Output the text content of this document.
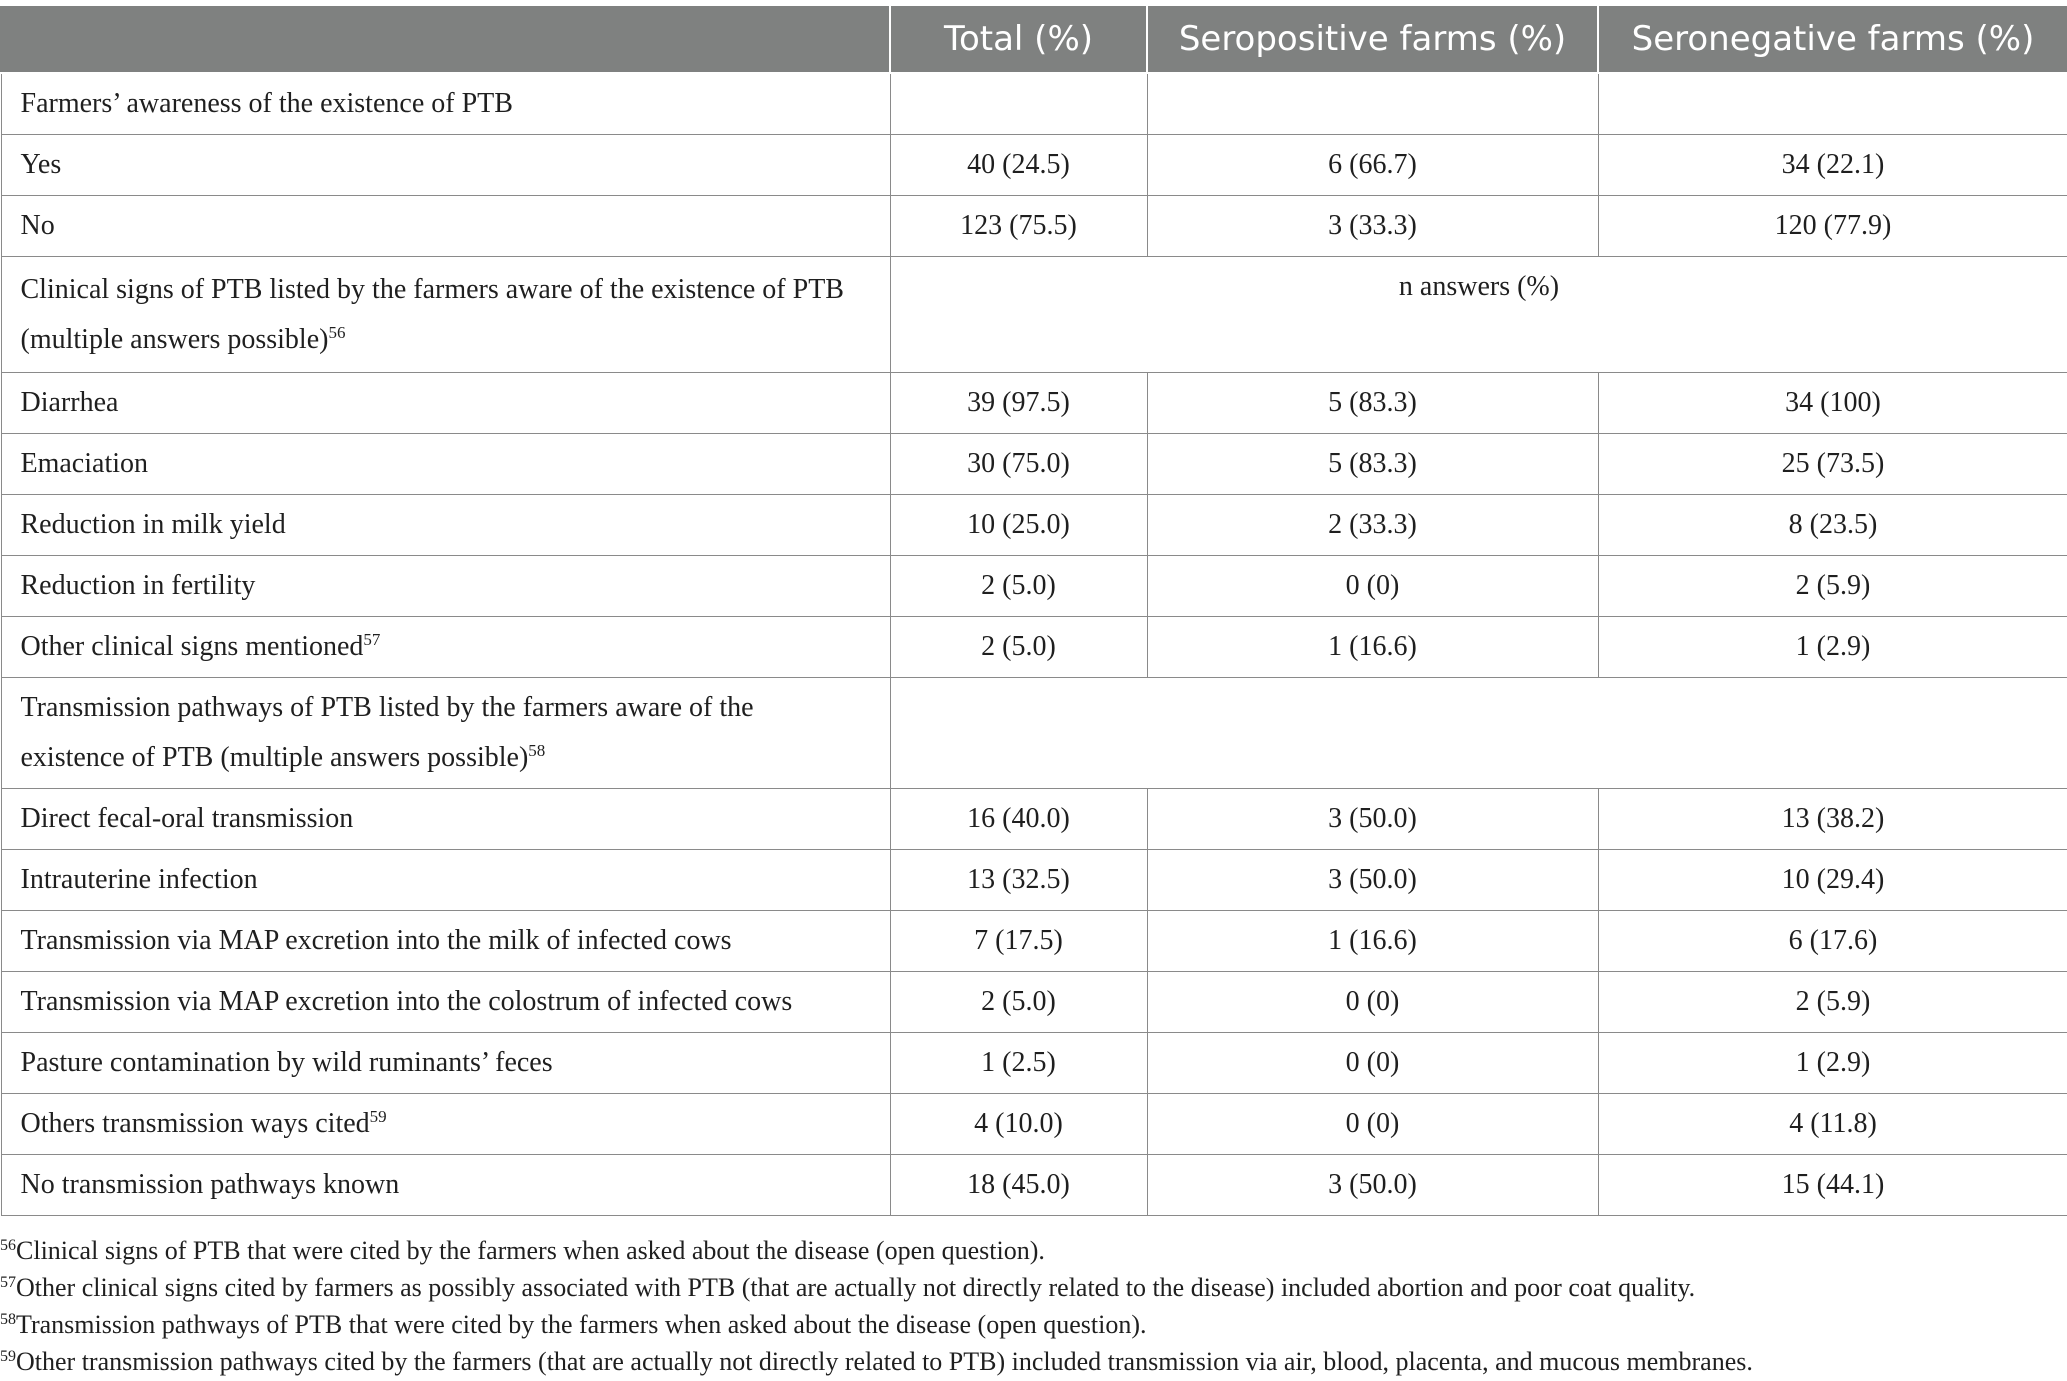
	Total (%)	Seropositive farms (%)	Seronegative farms (%)
Farmers’ awareness of the existence of PTB			
Yes	40 (24.5)	6 (66.7)	34 (22.1)
No	123 (75.5)	3 (33.3)	120 (77.9)
Clinical signs of PTB listed by the farmers aware of the existence of PTB
(multiple answers possible)$^{56}$	n answers (%)		
Diarrhea	39 (97.5)	5 (83.3)	34 (100)
Emaciation	30 (75.0)	5 (83.3)	25 (73.5)
Reduction in milk yield	10 (25.0)	2 (33.3)	8 (23.5)
Reduction in fertility	2 (5.0)	0 (0)	2 (5.9)
Other clinical signs mentioned$^{57}$	2 (5.0)	1 (16.6)	1 (2.9)
Transmission pathways of PTB listed by the farmers aware of the
existence of PTB (multiple answers possible)$^{58}$	
Direct fecal-oral transmission	16 (40.0)	3 (50.0)	13 (38.2)
Intrauterine infection	13 (32.5)	3 (50.0)	10 (29.4)
Transmission via MAP excretion into the milk of infected cows	7 (17.5)	1 (16.6)	6 (17.6)
Transmission via MAP excretion into the colostrum of infected cows	2 (5.0)	0 (0)	2 (5.9)
Pasture contamination by wild ruminants’ feces	1 (2.5)	0 (0)	1 (2.9)
Others transmission ways cited$^{59}$	4 (10.0)	0 (0)	4 (11.8)
No transmission pathways known	18 (45.0)	3 (50.0)	15 (44.1)
$^{56}$Clinical signs of PTB that were cited by the farmers when asked about the disease (open question).
$^{57}$Other clinical signs cited by farmers as possibly associated with PTB (that are actually not directly related to the disease) included abortion and poor coat quality.
$^{58}$Transmission pathways of PTB that were cited by the farmers when asked about the disease (open question).
$^{59}$Other transmission pathways cited by the farmers (that are actually not directly related to PTB) included transmission via air, blood, placenta, and mucous membranes.
